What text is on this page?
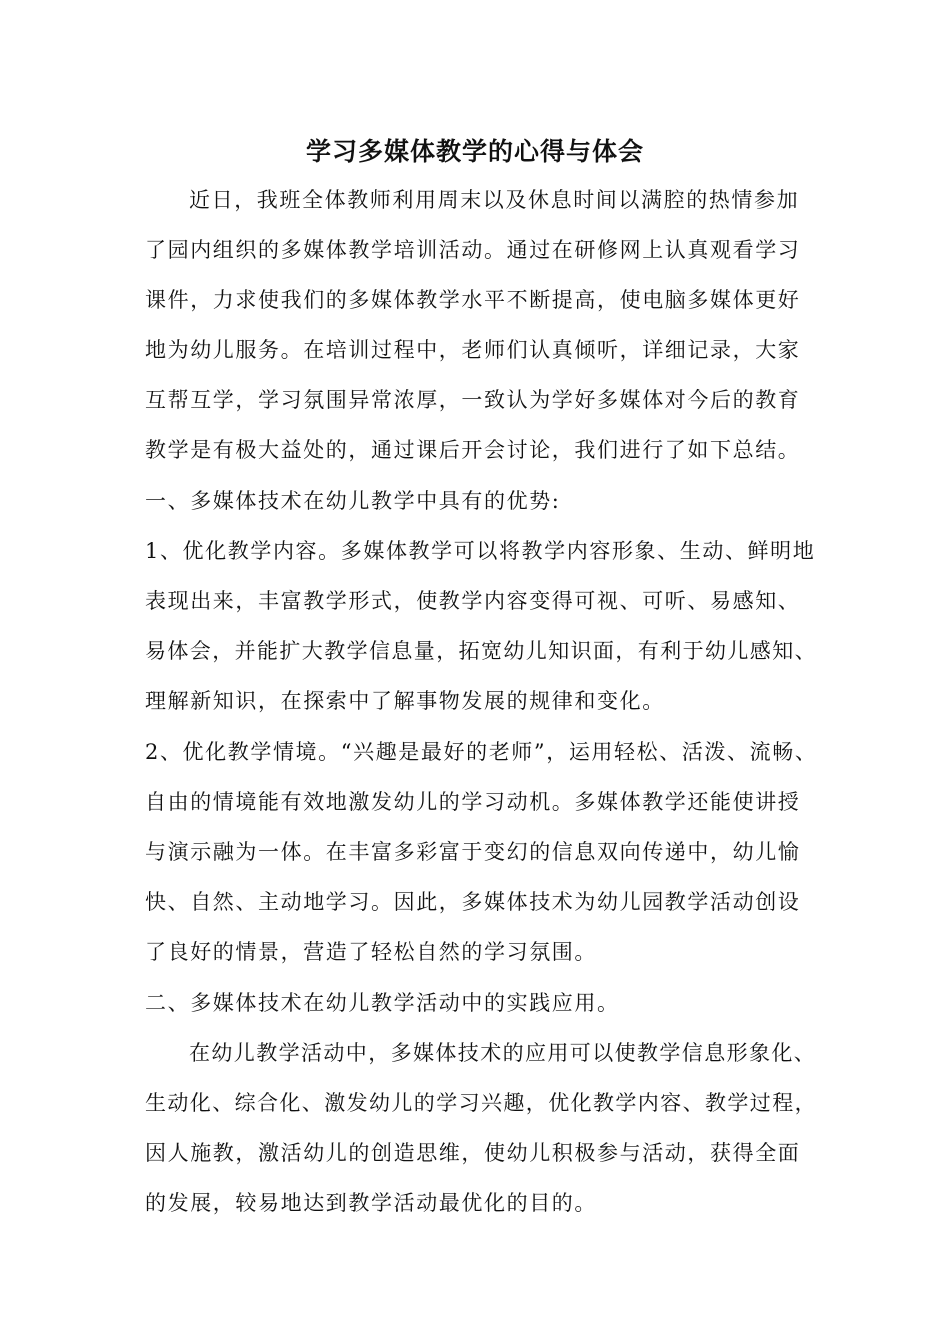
学习多媒体教学的心得与体会
近日，我班全体教师利用周末以及休息时间以满腔的热情参加
了园内组织的多媒体教学培训活动。通过在研修网上认真观看学习
课件，力求使我们的多媒体教学水平不断提高，使电脑多媒体更好
地为幼儿服务。在培训过程中，老师们认真倾听，详细记录，大家
互帮互学，学习氛围异常浓厚，一致认为学好多媒体对今后的教育
教学是有极大益处的，通过课后开会讨论，我们进行了如下总结。
一、多媒体技术在幼儿教学中具有的优势:
1、优化教学内容。多媒体教学可以将教学内容形象、生动、鲜明地
表现出来，丰富教学形式，使教学内容变得可视、可听、易感知、
易体会，并能扩大教学信息量，拓宽幼儿知识面，有利于幼儿感知、
理解新知识，在探索中了解事物发展的规律和变化。
2、优化教学情境。“兴趣是最好的老师”，运用轻松、活泼、流畅、
自由的情境能有效地激发幼儿的学习动机。多媒体教学还能使讲授
与演示融为一体。在丰富多彩富于变幻的信息双向传递中，幼儿愉
快、自然、主动地学习。因此，多媒体技术为幼儿园教学活动创设
了良好的情景，营造了轻松自然的学习氛围。
二、多媒体技术在幼儿教学活动中的实践应用。
在幼儿教学活动中，多媒体技术的应用可以使教学信息形象化、
生动化、综合化、激发幼儿的学习兴趣，优化教学内容、教学过程，
因人施教，激活幼儿的创造思维，使幼儿积极参与活动，获得全面
的发展，较易地达到教学活动最优化的目的。
